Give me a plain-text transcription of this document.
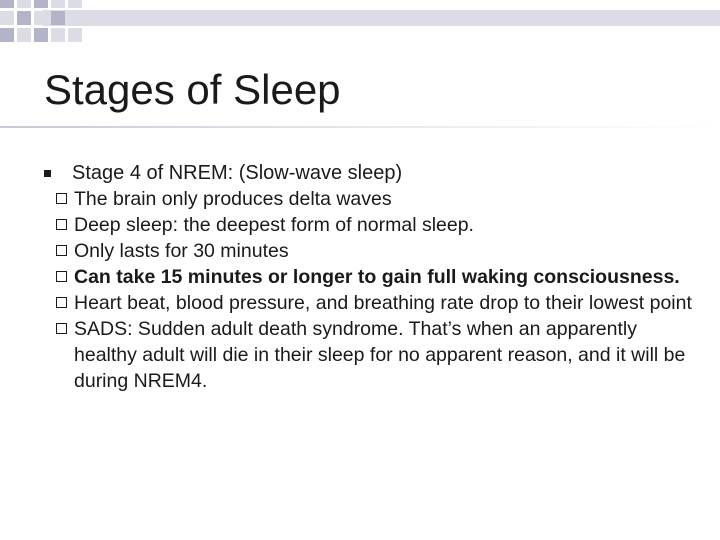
Stages of Sleep
Stage 4 of NREM: (Slow-wave sleep)
The brain only produces delta waves
Deep sleep: the deepest form of normal sleep.
Only lasts for 30 minutes
Can take 15 minutes or longer to gain full waking consciousness.
Heart beat, blood pressure, and breathing rate drop to their lowest point
SADS: Sudden adult death syndrome. That’s when an apparently healthy adult will die in their sleep for no apparent reason, and it will be during NREM4.
